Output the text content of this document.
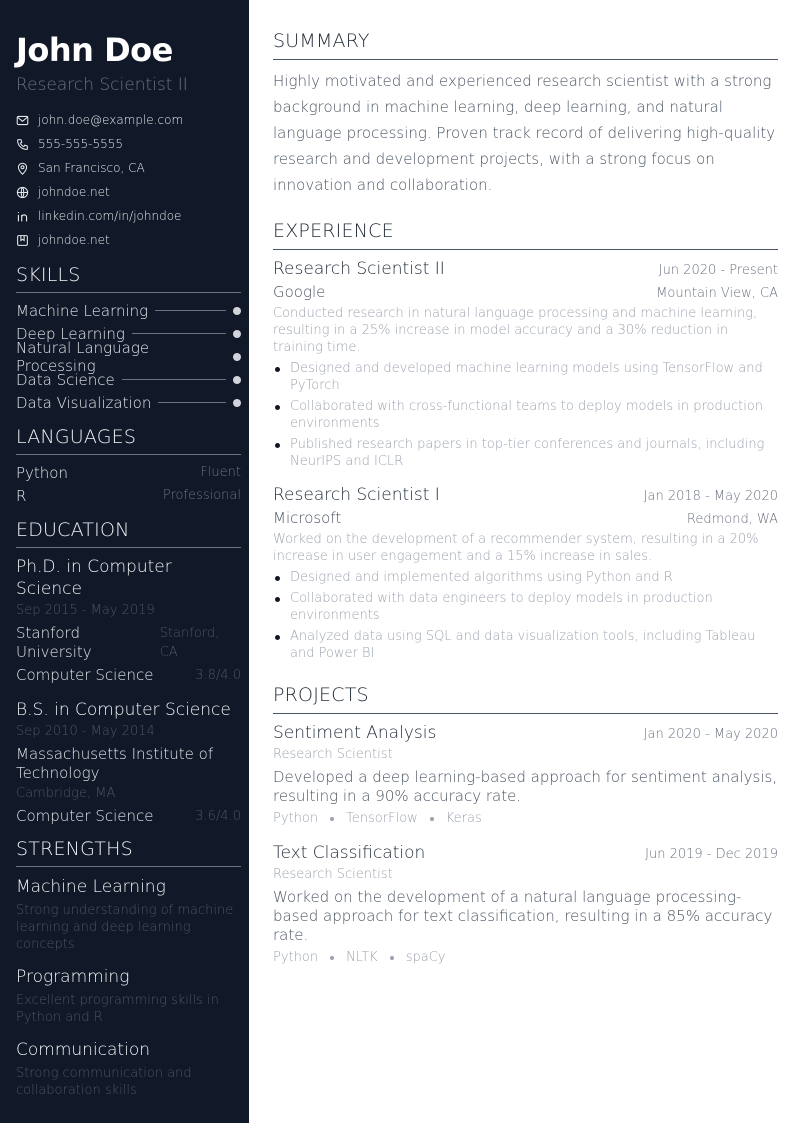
John Doe
Research Scientist II
john.doe@example.com
555-555-5555
San Francisco, CA
johndoe.net
linkedin.com/in/johndoe
johndoe.net
SKILLS
Machine Learning
Deep Learning
Natural Language Processing
Data Science
Data Visualization
LANGUAGES
Python	Fluent
R	Professional
EDUCATION
Ph.D. in Computer Science
Sep 2015 - May 2019
Stanford University
Stanford, CA
Computer Science	3.8/4.0
B.S. in Computer Science
Sep 2010 - May 2014
Massachusetts Institute of Technology
Cambridge, MA
Computer Science	3.6/4.0
STRENGTHS
Machine Learning
Strong understanding of machine learning and deep learning concepts
Programming
Excellent programming skills in Python and R
Communication
Strong communication and collaboration skills
SUMMARY

Highly motivated and experienced research scientist with a strong background in machine learning, deep learning, and natural language processing. Proven track record of delivering high-quality research and development projects, with a strong focus on innovation and collaboration.

EXPERIENCE
Research Scientist II	Jun 2020 - Present
Google	Mountain View, CA
Conducted research in natural language processing and machine learning, resulting in a 25% increase in model accuracy and a 30% reduction in training time.
Designed and developed machine learning models using TensorFlow and PyTorch
Collaborated with cross-functional teams to deploy models in production environments
Published research papers in top-tier conferences and journals, including NeurIPS and ICLR
Research Scientist I	Jan 2018 - May 2020
Microsoft	Redmond, WA
Worked on the development of a recommender system, resulting in a 20% increase in user engagement and a 15% increase in sales.
Designed and implemented algorithms using Python and R
Collaborated with data engineers to deploy models in production environments
Analyzed data using SQL and data visualization tools, including Tableau and Power BI
PROJECTS
Sentiment Analysis	Jan 2020 - May 2020
Research Scientist
Developed a deep learning-based approach for sentiment analysis, resulting in a 90% accuracy rate.
Python TensorFlow Keras
Text Classification	Jun 2019 - Dec 2019
Research Scientist
Worked on the development of a natural language processing-based approach for text classification, resulting in a 85% accuracy rate.
Python NLTK spaCy
